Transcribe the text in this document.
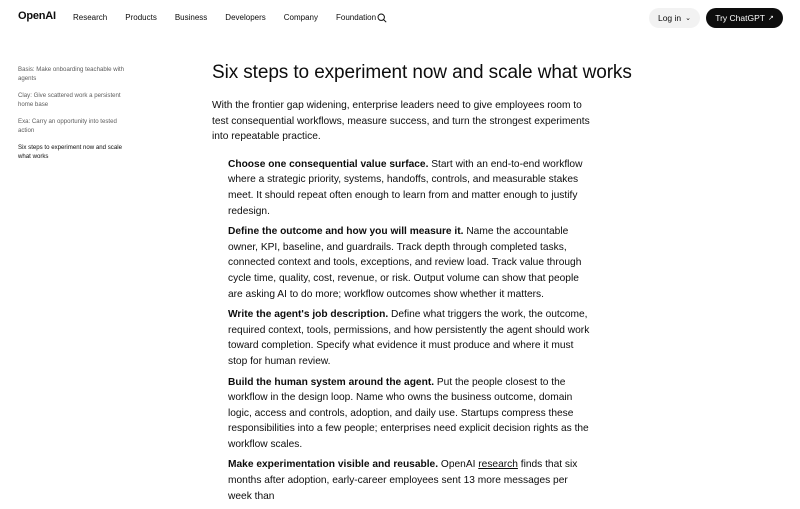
OpenAI Research Products Business Developers Company Foundation	Log in ⌄	Try ChatGPT ↗
Basis: Make onboarding teachable with agents
Clay: Give scattered work a persistent home base
Exa: Carry an opportunity into tested action
Six steps to experiment now and scale what works
Six steps to experiment now and scale what works

With the frontier gap widening, enterprise leaders need to give employees room to test consequential workflows, measure success, and turn the strongest experiments into repeatable practice.

Choose one consequential value surface. Start with an end-to-end workflow where a strategic priority, systems, handoffs, controls, and measurable stakes meet. It should repeat often enough to learn from and matter enough to justify redesign.
Define the outcome and how you will measure it. Name the accountable owner, KPI, baseline, and guardrails. Track depth through completed tasks, connected context and tools, exceptions, and review load. Track value through cycle time, quality, cost, revenue, or risk. Output volume can show that people are asking AI to do more; workflow outcomes show whether it matters.
Write the agent's job description. Define what triggers the work, the outcome, required context, tools, permissions, and how persistently the agent should work toward completion. Specify what evidence it must produce and where it must stop for human review.
Build the human system around the agent. Put the people closest to the workflow in the design loop. Name who owns the business outcome, domain logic, access and controls, adoption, and daily use. Startups compress these responsibilities into a few people; enterprises need explicit decision rights as the workflow scales.
Make experimentation visible and reusable. OpenAI research finds that six months after adoption, early-career employees sent 13 more messages per week than
